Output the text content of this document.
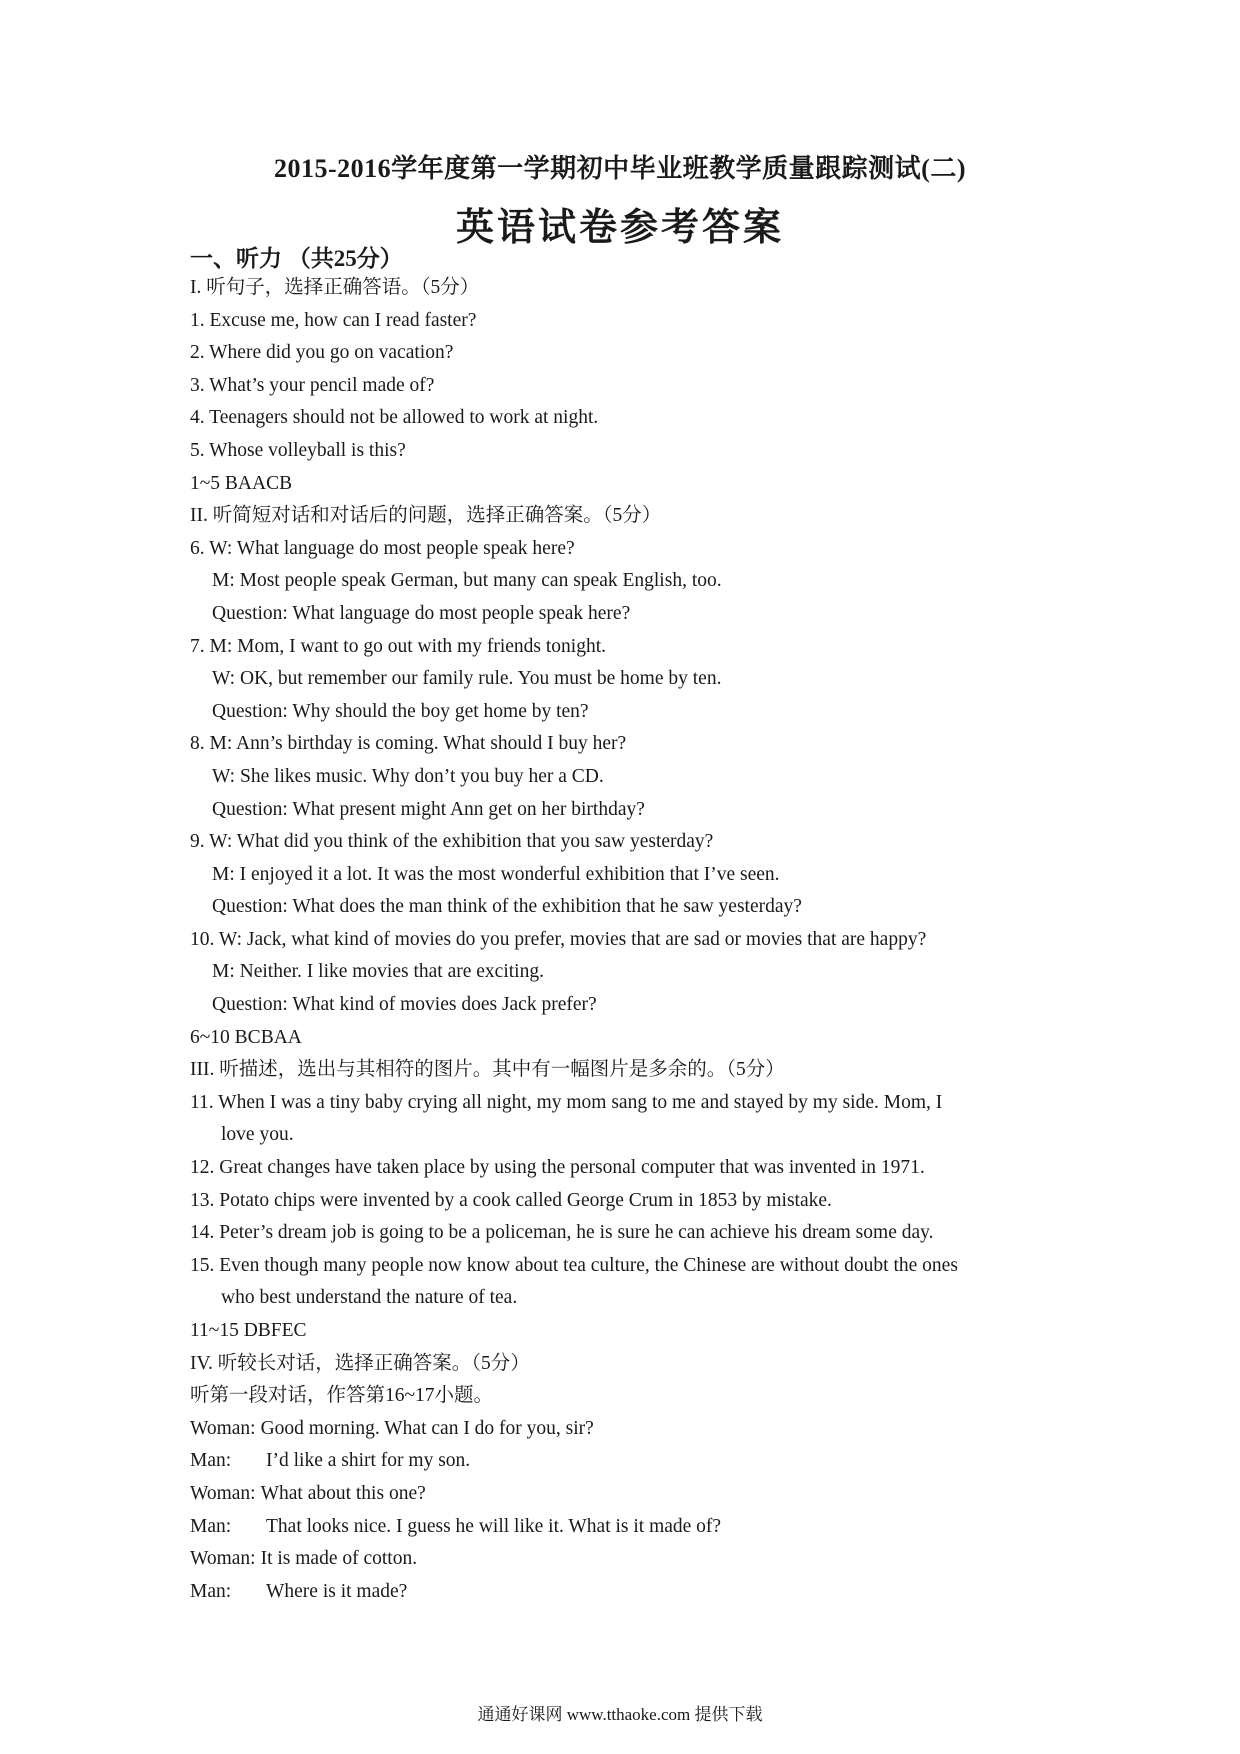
2015-2016学年度第一学期初中毕业班教学质量跟踪测试(二)
英语试卷参考答案
一、听力 （共25分）
I. 听句子，选择正确答语。（5分）
1. Excuse me, how can I read faster?
2. Where did you go on vacation?
3. What’s your pencil made of?
4. Teenagers should not be allowed to work at night.
5. Whose volleyball is this?
1~5 BAACB
II. 听简短对话和对话后的问题，选择正确答案。（5分）
6. W: What language do most people speak here?
M: Most people speak German, but many can speak English, too.
Question: What language do most people speak here?
7. M: Mom, I want to go out with my friends tonight.
W: OK, but remember our family rule. You must be home by ten.
Question: Why should the boy get home by ten?
8. M: Ann’s birthday is coming. What should I buy her?
W: She likes music. Why don’t you buy her a CD.
Question: What present might Ann get on her birthday?
9. W: What did you think of the exhibition that you saw yesterday?
M: I enjoyed it a lot. It was the most wonderful exhibition that I’ve seen.
Question: What does the man think of the exhibition that he saw yesterday?
10. W: Jack, what kind of movies do you prefer, movies that are sad or movies that are happy?
M: Neither. I like movies that are exciting.
Question: What kind of movies does Jack prefer?
6~10 BCBAA
III. 听描述，选出与其相符的图片。其中有一幅图片是多余的。（5分）
11. When I was a tiny baby crying all night, my mom sang to me and stayed by my side. Mom, I
love you.
12. Great changes have taken place by using the personal computer that was invented in 1971.
13. Potato chips were invented by a cook called George Crum in 1853 by mistake.
14. Peter’s dream job is going to be a policeman, he is sure he can achieve his dream some day.
15. Even though many people now know about tea culture, the Chinese are without doubt the ones
who best understand the nature of tea.
11~15 DBFEC
IV. 听较长对话，选择正确答案。（5分）
听第一段对话，作答第16~17小题。
Woman: Good morning. What can I do for you, sir?
Man:	I’d like a shirt for my son.
Woman: What about this one?
Man:	That looks nice. I guess he will like it. What is it made of?
Woman: It is made of cotton.
Man:	Where is it made?
通通好课网 www.tthaoke.com 提供下载
